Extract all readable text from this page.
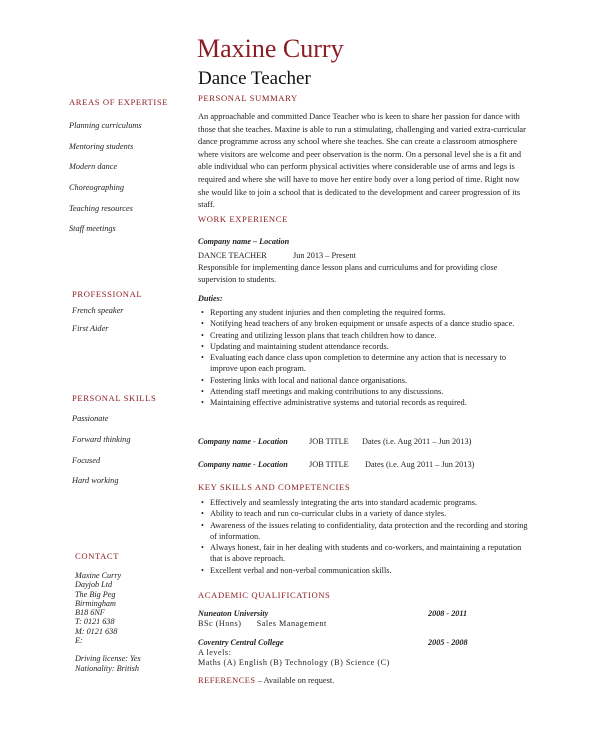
Maxine Curry
Dance Teacher
AREAS OF EXPERTISE
Planning curriculums
Mentoring students
Modern dance
Choreographing
Teaching resources
Staff meetings
PROFESSIONAL
French speaker
First Aider
PERSONAL SKILLS
Passionate
Forward thinking
Focused
Hard working
CONTACT
Maxine Curry
Dayjob Ltd
The Big Peg
Birmingham
B18 6NF
T: 0121 638
M: 0121 638
E:
Driving license: Yes
Nationality: British
PERSONAL SUMMARY
An approachable and committed Dance Teacher who is keen to share her passion for dance with those that she teaches. Maxine is able to run a stimulating, challenging and varied extra-curricular dance programme across any school where she teaches. She can create a classroom atmosphere where visitors are welcome and peer observation is the norm. On a personal level she is a fit and able individual who can perform physical activities where considerable use of arms and legs is required and where she will have to move her entire body over a long period of time. Right now she would like to join a school that is dedicated to the development and career progression of its staff.
WORK EXPERIENCE
Company name – Location
DANCE TEACHER	Jun 2013 – Present
Responsible for implementing dance lesson plans and curriculums and for providing close supervision to students.
Duties:
• Reporting any student injuries and then completing the required forms.
• Notifying head teachers of any broken equipment or unsafe aspects of a dance studio space.
• Creating and utilizing lesson plans that teach children how to dance.
• Updating and maintaining student attendance records.
• Evaluating each dance class upon completion to determine any action that is necessary to improve upon each program.
• Fostering links with local and national dance organisations.
• Attending staff meetings and making contributions to any discussions.
• Maintaining effective administrative systems and tutorial records as required.
Company name - Location	JOB TITLE	Dates (i.e. Aug 2011 – Jun 2013)
Company name - Location	JOB TITLE	Dates (i.e. Aug 2011 – Jun 2013)
KEY SKILLS AND COMPETENCIES
• Effectively and seamlessly integrating the arts into standard academic programs.
• Ability to teach and run co-curricular clubs in a variety of dance styles.
• Awareness of the issues relating to confidentiality, data protection and the recording and storing of information.
• Always honest, fair in her dealing with students and co-workers, and maintaining a reputation that is above reproach.
• Excellent verbal and non-verbal communication skills.
ACADEMIC QUALIFICATIONS
Nuneaton University	2008 - 2011
BSc (Hons)      Sales Management
Coventry Central College	2005 - 2008
A levels:
Maths (A) English (B) Technology (B) Science (C)
REFERENCES – Available on request.
